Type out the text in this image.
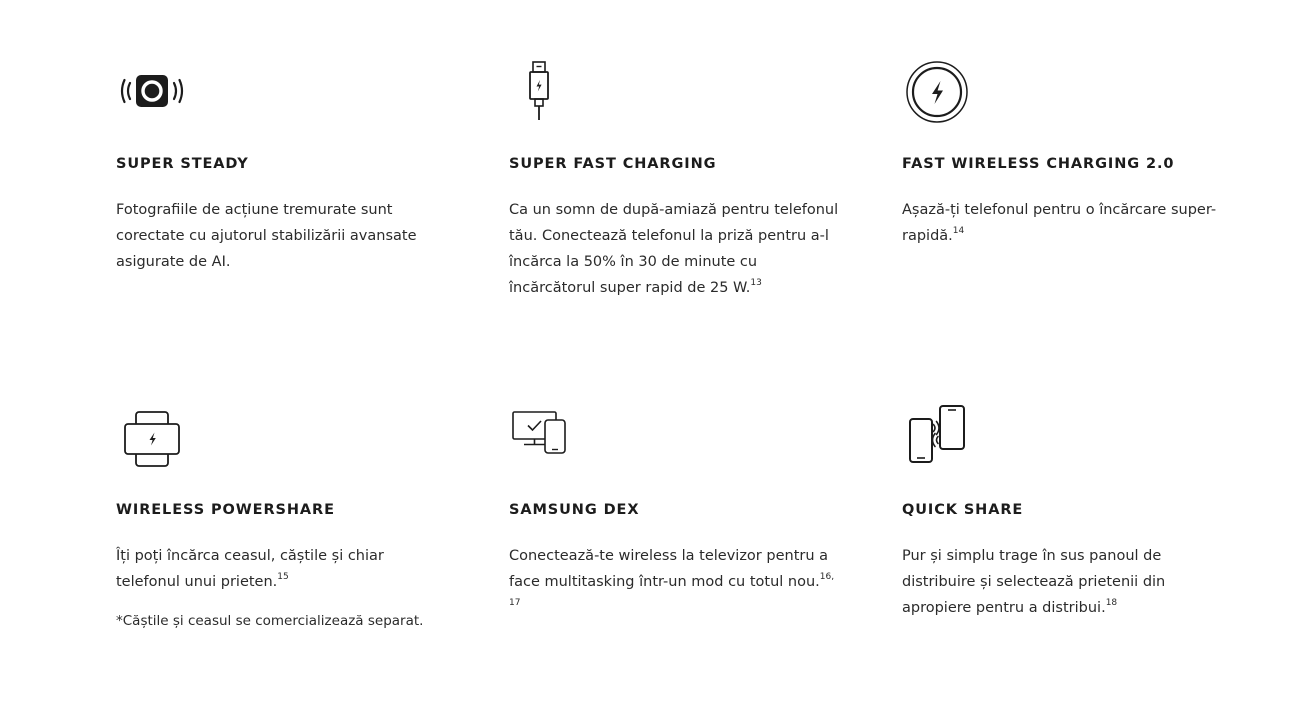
SUPER STEADY
Fotografiile de acțiune tremurate sunt corectate cu ajutorul stabilizării avansate asigurate de AI.
SUPER FAST CHARGING
Ca un somn de după-amiază pentru telefonul tău. Conectează telefonul la priză pentru a-l încărca la 50% în 30 de minute cu încărcătorul super rapid de 25 W.$^{13}$
FAST WIRELESS CHARGING 2.0
Așază-ți telefonul pentru o încărcare super-rapidă.$^{14}$
WIRELESS POWERSHARE
Îți poți încărca ceasul, căștile și chiar telefonul unui prieten.$^{15}$
*Căștile și ceasul se comercializează separat.
SAMSUNG DEX
Conectează-te wireless la televizor pentru a face multitasking într-un mod cu totul nou.$^{16, 17}$
QUICK SHARE
Pur și simplu trage în sus panoul de distribuire și selectează prietenii din apropiere pentru a distribui.$^{18}$
